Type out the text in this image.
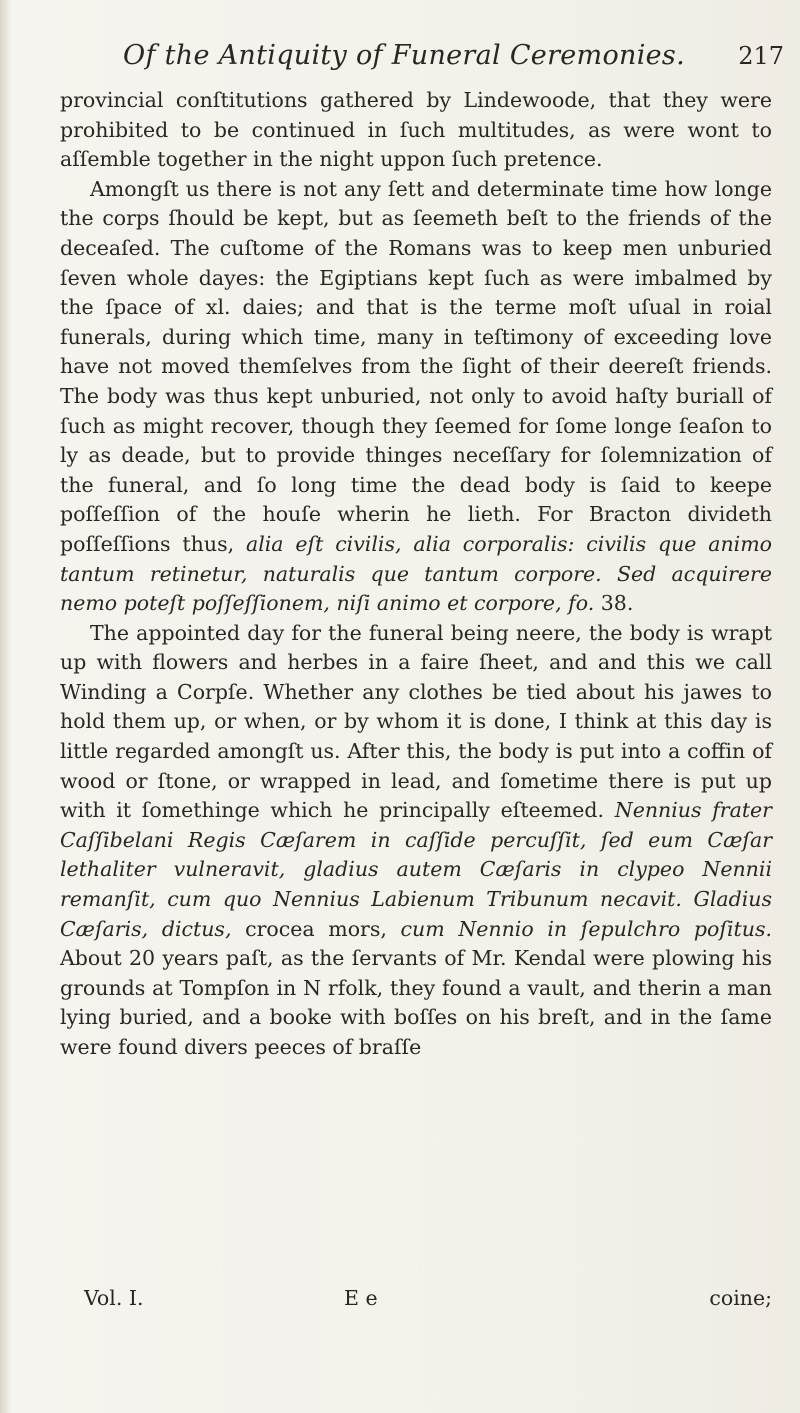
Of the Antiquity of Funeral Ceremonies.	217

provincial conſtitutions gathered by Lindewoode, that they were prohibited to be continued in ſuch multitudes, as were wont to aſſemble together in the night uppon ſuch pretence.

Amongſt us there is not any ſett and determinate time how longe the corps ſhould be kept, but as ſeemeth beſt to the friends of the deceaſed. The cuſtome of the Romans was to keep men unburied ſeven whole dayes: the Egiptians kept ſuch as were imbalmed by the ſpace of xl. daies; and that is the terme moſt uſual in roial funerals, during which time, many in teſtimony of exceeding love have not moved themſelves from the ſight of their deereſt friends. The body was thus kept unburied, not only to avoid haſty buriall of ſuch as might recover, though they ſeemed for ſome longe ſeaſon to ly as deade, but to provide thinges neceſſary for ſolemnization of the funeral, and ſo long time the dead body is ſaid to keepe poſſeſſion of the houſe wherin he lieth. For Bracton divideth poſſeſſions thus, alia eſt civilis, alia corporalis: civilis que animo tantum retinetur, naturalis que tantum corpore. Sed acquirere nemo poteſt poſſeſſionem, niſi animo et corpore, fo. 38.

The appointed day for the funeral being neere, the body is wrapt up with flowers and herbes in a faire ſheet, and and this we call Winding a Corpſe. Whether any clothes be tied about his jawes to hold them up, or when, or by whom it is done, I think at this day is little regarded amongſt us. After this, the body is put into a coffin of wood or ſtone, or wrapped in lead, and ſometime there is put up with it ſomethinge which he principally eſteemed. Nennius frater Caſſibelani Regis Cæſarem in caſſide percuſſit, ſed eum Cæſar lethaliter vulneravit, gladius autem Cæſaris in clypeo Nennii remanſit, cum quo Nennius Labienum Tribunum necavit. Gladius Cæſaris, dictus, crocea mors, cum Nennio in ſepulchro poſitus. About 20 years paſt, as the ſervants of Mr. Kendal were plowing his grounds at Tompſon in N rfolk, they found a vault, and therin a man lying buried, and a booke with boſſes on his breſt, and in the ſame were found divers peeces of braſſe

Vol. I.	E e	coine;
